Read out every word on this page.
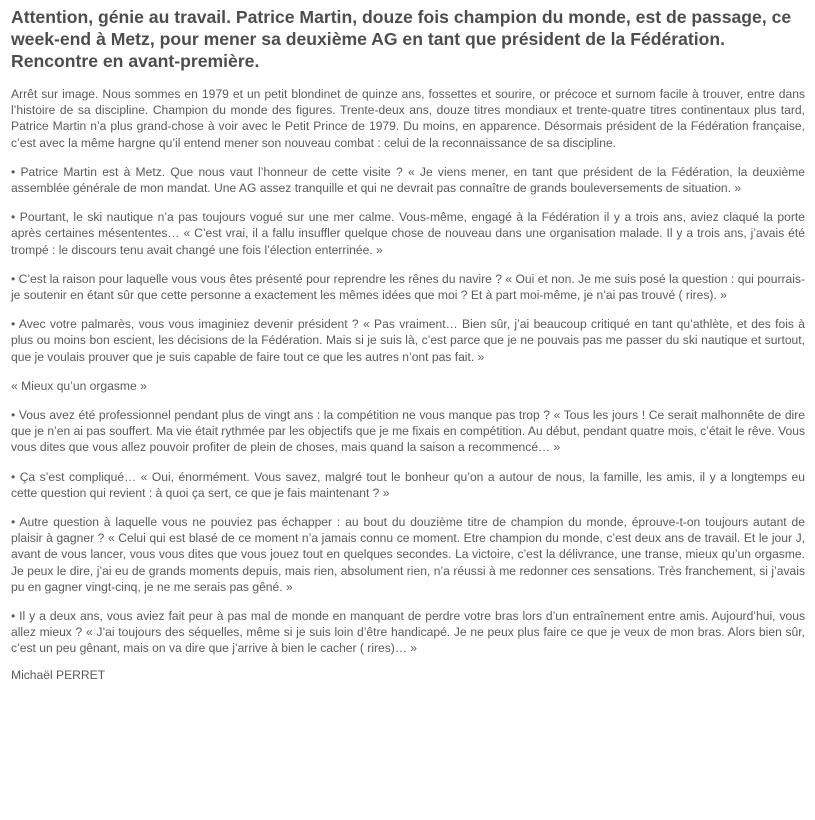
Attention, génie au travail. Patrice Martin, douze fois champion du monde, est de passage, ce week-end à Metz, pour mener sa deuxième AG en tant que président de la Fédération. Rencontre en avant-première.

Arrêt sur image. Nous sommes en 1979 et un petit blondinet de quinze ans, fossettes et sourire, or précoce et surnom facile à trouver, entre dans l’histoire de sa discipline. Champion du monde des figures. Trente-deux ans, douze titres mondiaux et trente-quatre titres continentaux plus tard, Patrice Martin n’a plus grand-chose à voir avec le Petit Prince de 1979. Du moins, en apparence. Désormais président de la Fédération française, c’est avec la même hargne qu’il entend mener son nouveau combat : celui de la reconnaissance de sa discipline.

• Patrice Martin est à Metz. Que nous vaut l’honneur de cette visite ? « Je viens mener, en tant que président de la Fédération, la deuxième assemblée générale de mon mandat. Une AG assez tranquille et qui ne devrait pas connaître de grands bouleversements de situation. »

• Pourtant, le ski nautique n’a pas toujours vogué sur une mer calme. Vous-même, engagé à la Fédération il y a trois ans, aviez claqué la porte après certaines mésententes… « C’est vrai, il a fallu insuffler quelque chose de nouveau dans une organisation malade. Il y a trois ans, j’avais été trompé : le discours tenu avait changé une fois l’élection enterrinée. »

• C’est la raison pour laquelle vous vous êtes présenté pour reprendre les rênes du navire ? « Oui et non. Je me suis posé la question : qui pourrais-je soutenir en étant sûr que cette personne a exactement les mêmes idées que moi ? Et à part moi-même, je n’ai pas trouvé ( rires). »

• Avec votre palmarès, vous vous imaginiez devenir président ? « Pas vraiment… Bien sûr, j’ai beaucoup critiqué en tant qu’athlète, et des fois à plus ou moins bon escient, les décisions de la Fédération. Mais si je suis là, c’est parce que je ne pouvais pas me passer du ski nautique et surtout, que je voulais prouver que je suis capable de faire tout ce que les autres n’ont pas fait. »

« Mieux qu’un orgasme »

• Vous avez été professionnel pendant plus de vingt ans : la compétition ne vous manque pas trop ? « Tous les jours ! Ce serait malhonnête de dire que je n’en ai pas souffert. Ma vie était rythmée par les objectifs que je me fixais en compétition. Au début, pendant quatre mois, c’était le rêve. Vous vous dites que vous allez pouvoir profiter de plein de choses, mais quand la saison a recommencé… »

• Ça s’est compliqué… « Oui, énormément. Vous savez, malgré tout le bonheur qu’on a autour de nous, la famille, les amis, il y a longtemps eu cette question qui revient : à quoi ça sert, ce que je fais maintenant ? »

• Autre question à laquelle vous ne pouviez pas échapper : au bout du douzième titre de champion du monde, éprouve-t-on toujours autant de plaisir à gagner ? « Celui qui est blasé de ce moment n’a jamais connu ce moment. Etre champion du monde, c’est deux ans de travail. Et le jour J, avant de vous lancer, vous vous dites que vous jouez tout en quelques secondes. La victoire, c’est la délivrance, une transe, mieux qu’un orgasme. Je peux le dire, j’ai eu de grands moments depuis, mais rien, absolument rien, n’a réussi à me redonner ces sensations. Très franchement, si j’avais pu en gagner vingt-cinq, je ne me serais pas gêné. »

• Il y a deux ans, vous aviez fait peur à pas mal de monde en manquant de perdre votre bras lors d’un entraînement entre amis. Aujourd’hui, vous allez mieux ? « J’ai toujours des séquelles, même si je suis loin d’être handicapé. Je ne peux plus faire ce que je veux de mon bras. Alors bien sûr, c’est un peu gênant, mais on va dire que j’arrive à bien le cacher ( rires)… »

Michaël PERRET
